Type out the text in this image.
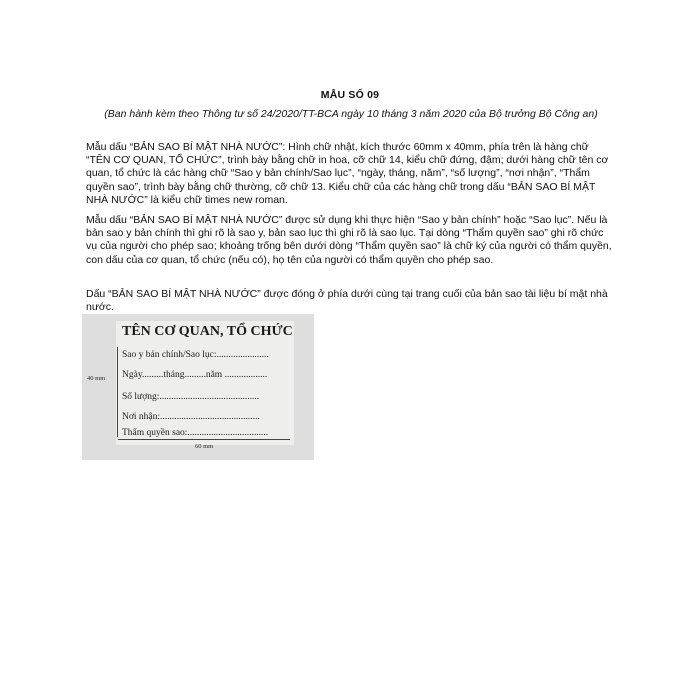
MẪU SỐ 09
(Ban hành kèm theo Thông tư số 24/2020/TT-BCA ngày 10 tháng 3 năm 2020 của Bộ trưởng Bộ Công an)

Mẫu dấu “BẢN SAO BÍ MẬT NHÀ NƯỚC”: Hình chữ nhật, kích thước 60mm x 40mm, phía trên là hàng chữ “TÊN CƠ QUAN, TỔ CHỨC”, trình bày bằng chữ in hoa, cỡ chữ 14, kiểu chữ đứng, đậm; dưới hàng chữ tên cơ quan, tổ chức là các hàng chữ “Sao y bản chính/Sao lục”, “ngày, tháng, năm”, “số lượng”, “nơi nhận”, “Thẩm quyền sao”, trình bày bằng chữ thường, cỡ chữ 13. Kiểu chữ của các hàng chữ trong dấu “BẢN SAO BÍ MẬT NHÀ NƯỚC” là kiểu chữ times new roman.

Mẫu dấu “BẢN SAO BÍ MẬT NHÀ NƯỚC” được sử dụng khi thực hiện “Sao y bản chính” hoặc “Sao lục”. Nếu là bản sao y bản chính thì ghi rõ là sao y, bản sao lục thì ghi rõ là sao lục. Tại dòng “Thẩm quyền sao” ghi rõ chức vụ của người cho phép sao; khoảng trống bên dưới dòng “Thẩm quyền sao” là chữ ký của người có thẩm quyền, con dấu của cơ quan, tổ chức (nếu có), họ tên của người có thẩm quyền cho phép sao.

Dấu “BẢN SAO BÍ MẬT NHÀ NƯỚC” được đóng ở phía dưới cùng tại trang cuối của bản sao tài liệu bí mật nhà nước.

TÊN CƠ QUAN, TỔ CHỨC
Sao y bản chính/Sao lục:......................
Ngày.........tháng.........năm ..................
Số lượng:..........................................
Nơi nhận:..........................................
Thẩm quyền sao:..................................
40 mm
60 mm
